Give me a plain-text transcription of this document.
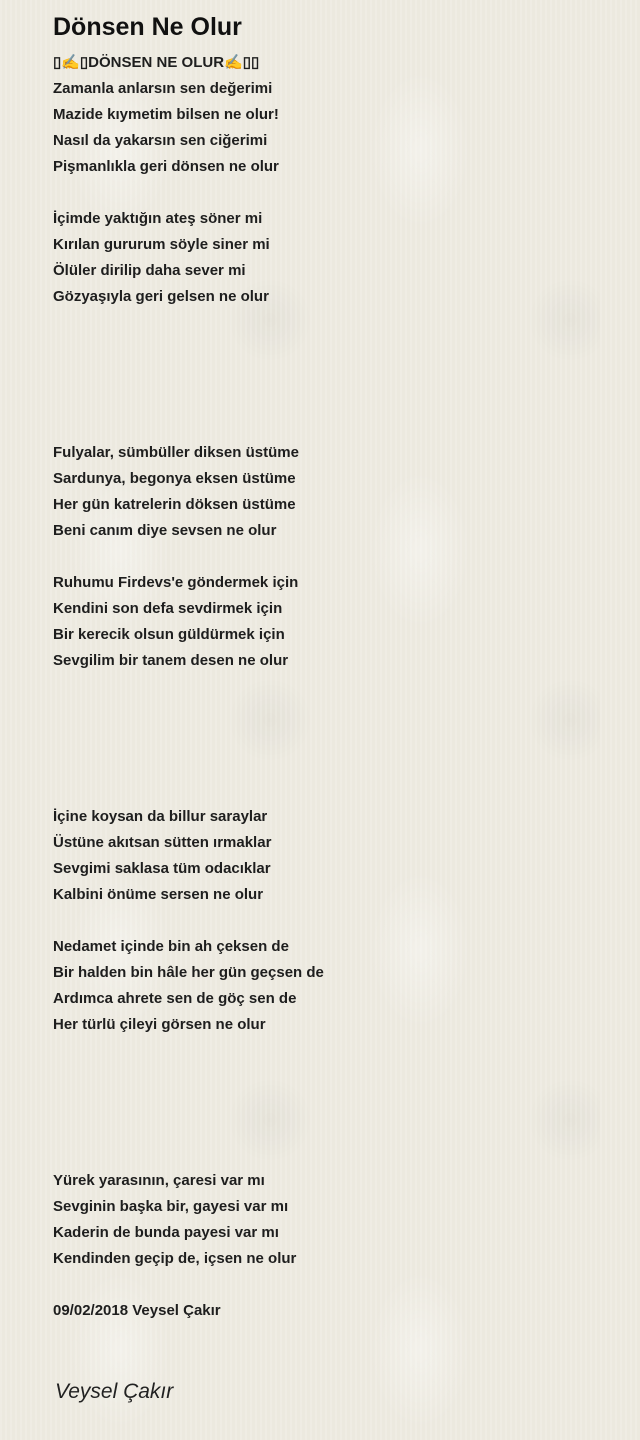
Dönsen Ne Olur
▯✍▯DÖNSEN NE OLUR✍▯▯
Zamanla anlarsın sen değerimi
Mazide kıymetim bilsen ne olur!
Nasıl da yakarsın sen ciğerimi
Pişmanlıkla geri dönsen ne olur
İçimde yaktığın ateş söner mi
Kırılan gururum söyle siner mi
Ölüler dirilip daha sever mi
Gözyaşıyla geri gelsen ne olur
Fulyalar, sümbüller diksen üstüme
Sardunya, begonya eksen üstüme
Her gün katrelerin döksen üstüme
Beni canım diye sevsen ne olur
Ruhumu Firdevs'e göndermek için
Kendini son defa sevdirmek için
Bir kerecik olsun güldürmek için
Sevgilim bir tanem desen ne olur
İçine koysan da billur saraylar
Üstüne akıtsan sütten ırmaklar
Sevgimi saklasa tüm odacıklar
Kalbini önüme sersen ne olur
Nedamet içinde bin ah çeksen de
Bir halden bin hâle her gün geçsen de
Ardımca ahrete sen de göç sen de
Her türlü çileyi görsen ne olur
Yürek yarasının, çaresi var mı
Sevginin başka bir, gayesi var mı
Kaderin de bunda payesi var mı
Kendinden geçip de, içsen ne olur
09/02/2018 Veysel Çakır
Veysel Çakır
